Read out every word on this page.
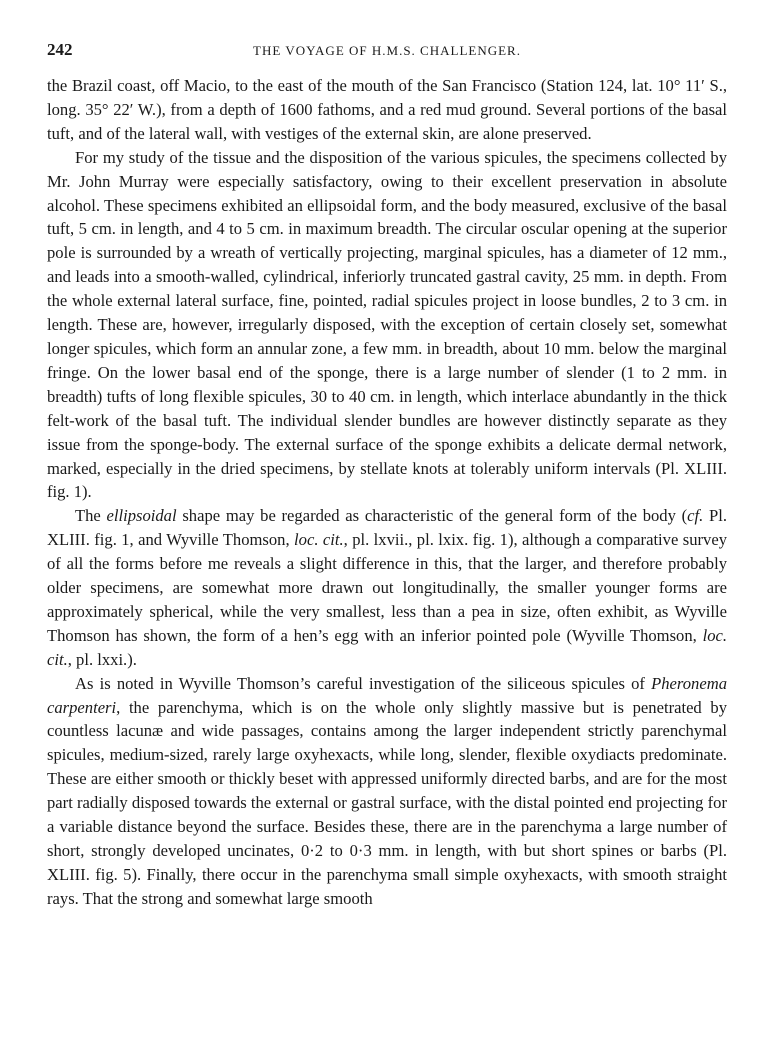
242	THE VOYAGE OF H.M.S. CHALLENGER.

the Brazil coast, off Macio, to the east of the mouth of the San Francisco (Station 124, lat. 10° 11′ S., long. 35° 22′ W.), from a depth of 1600 fathoms, and a red mud ground. Several portions of the basal tuft, and of the lateral wall, with vestiges of the external skin, are alone preserved.

For my study of the tissue and the disposition of the various spicules, the specimens collected by Mr. John Murray were especially satisfactory, owing to their excellent preservation in absolute alcohol. These specimens exhibited an ellipsoidal form, and the body measured, exclusive of the basal tuft, 5 cm. in length, and 4 to 5 cm. in maximum breadth. The circular oscular opening at the superior pole is surrounded by a wreath of vertically projecting, marginal spicules, has a diameter of 12 mm., and leads into a smooth-walled, cylindrical, inferiorly truncated gastral cavity, 25 mm. in depth. From the whole external lateral surface, fine, pointed, radial spicules project in loose bundles, 2 to 3 cm. in length. These are, however, irregularly disposed, with the exception of certain closely set, somewhat longer spicules, which form an annular zone, a few mm. in breadth, about 10 mm. below the marginal fringe. On the lower basal end of the sponge, there is a large number of slender (1 to 2 mm. in breadth) tufts of long flexible spicules, 30 to 40 cm. in length, which interlace abundantly in the thick felt-work of the basal tuft. The individual slender bundles are however distinctly separate as they issue from the sponge-body. The external surface of the sponge exhibits a delicate dermal network, marked, especially in the dried specimens, by stellate knots at tolerably uniform intervals (Pl. XLIII. fig. 1).

The ellipsoidal shape may be regarded as characteristic of the general form of the body (cf. Pl. XLIII. fig. 1, and Wyville Thomson, loc. cit., pl. lxvii., pl. lxix. fig. 1), although a comparative survey of all the forms before me reveals a slight difference in this, that the larger, and therefore probably older specimens, are somewhat more drawn out longitudinally, the smaller younger forms are approximately spherical, while the very smallest, less than a pea in size, often exhibit, as Wyville Thomson has shown, the form of a hen’s egg with an inferior pointed pole (Wyville Thomson, loc. cit., pl. lxxi.).

As is noted in Wyville Thomson’s careful investigation of the siliceous spicules of Pheronema carpenteri, the parenchyma, which is on the whole only slightly massive but is penetrated by countless lacunæ and wide passages, contains among the larger independent strictly parenchymal spicules, medium-sized, rarely large oxyhexacts, while long, slender, flexible oxydiacts predominate. These are either smooth or thickly beset with appressed uniformly directed barbs, and are for the most part radially disposed towards the external or gastral surface, with the distal pointed end projecting for a variable distance beyond the surface. Besides these, there are in the parenchyma a large number of short, strongly developed uncinates, 0·2 to 0·3 mm. in length, with but short spines or barbs (Pl. XLIII. fig. 5). Finally, there occur in the parenchyma small simple oxyhexacts, with smooth straight rays. That the strong and somewhat large smooth
